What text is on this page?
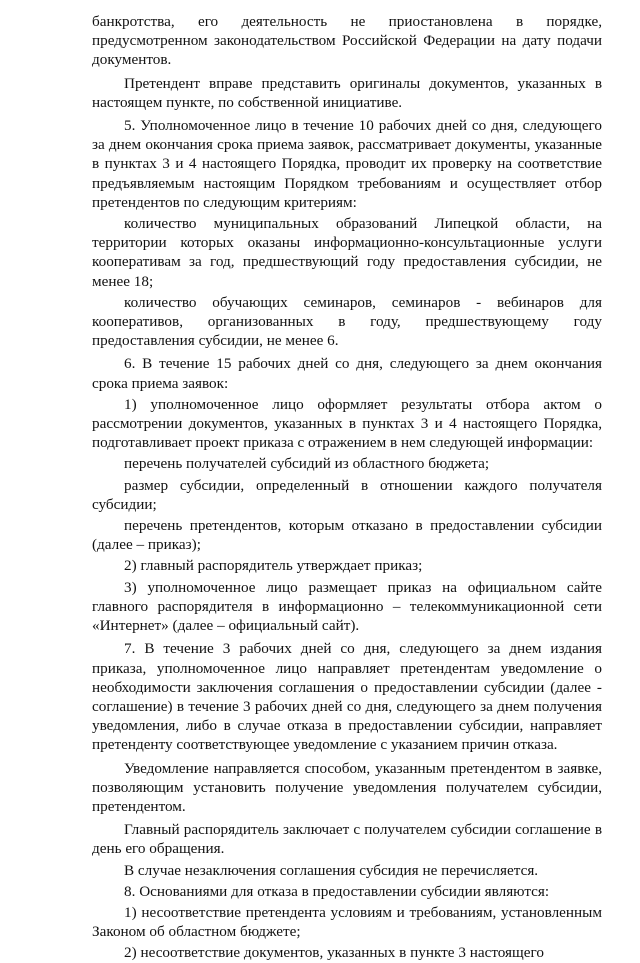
банкротства, его деятельность не приостановлена в порядке, предусмотренном законодательством Российской Федерации на дату подачи документов.

Претендент вправе представить оригиналы документов, указанных в настоящем пункте, по собственной инициативе.

5. Уполномоченное лицо в течение 10 рабочих дней со дня, следующего за днем окончания срока приема заявок, рассматривает документы, указанные в пунктах 3 и 4 настоящего Порядка, проводит их проверку на соответствие предъявляемым настоящим Порядком требованиям и осуществляет отбор претендентов по следующим критериям:

количество муниципальных образований Липецкой области, на территории которых оказаны информационно-консультационные услуги кооперативам за год, предшествующий году предоставления субсидии, не менее 18;

количество обучающих семинаров, семинаров - вебинаров для кооперативов, организованных в году, предшествующему году предоставления субсидии, не менее 6.

6. В течение 15 рабочих дней со дня, следующего за днем окончания срока приема заявок:

1) уполномоченное лицо оформляет результаты отбора актом о рассмотрении документов, указанных в пунктах 3 и 4 настоящего Порядка, подготавливает проект приказа с отражением в нем следующей информации:

перечень получателей субсидий из областного бюджета;

размер субсидии, определенный в отношении каждого получателя субсидии;

перечень претендентов, которым отказано в предоставлении субсидии (далее – приказ);

2) главный распорядитель утверждает приказ;

3) уполномоченное лицо размещает приказ на официальном сайте главного распорядителя в информационно – телекоммуникационной сети «Интернет» (далее – официальный сайт).

7. В течение 3 рабочих дней со дня, следующего за днем издания приказа, уполномоченное лицо направляет претендентам уведомление о необходимости заключения соглашения о предоставлении субсидии (далее - соглашение) в течение 3 рабочих дней со дня, следующего за днем получения уведомления, либо в случае отказа в предоставлении субсидии, направляет претенденту соответствующее уведомление с указанием причин отказа.

Уведомление направляется способом, указанным претендентом в заявке, позволяющим установить получение уведомления получателем субсидии, претендентом.

Главный распорядитель заключает с получателем субсидии соглашение в день его обращения.

В случае незаключения соглашения субсидия не перечисляется.

8. Основаниями для отказа в предоставлении субсидии являются:

1) несоответствие претендента условиям и требованиям, установленным Законом об областном бюджете;

2) несоответствие документов, указанных в пункте 3 настоящего
